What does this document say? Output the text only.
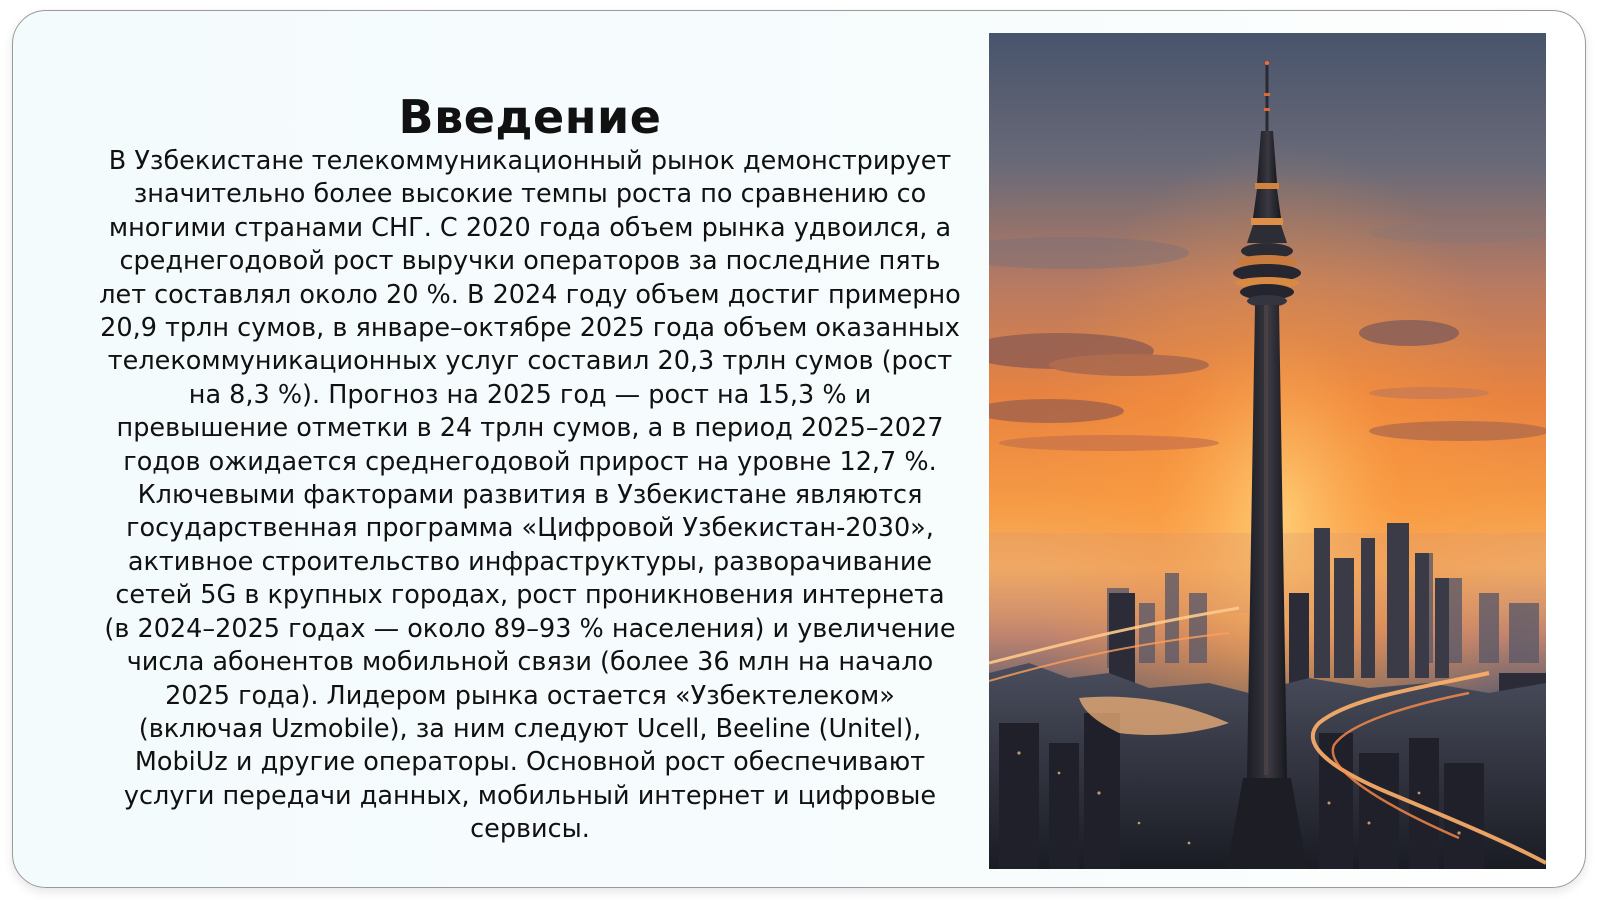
Введение

В Узбекистане телекоммуникационный рынок демонстрирует значительно более высокие темпы роста по сравнению со многими странами СНГ. С 2020 года объем рынка удвоился, а среднегодовой рост выручки операторов за последние пять лет составлял около 20 %. В 2024 году объем достиг примерно 20,9 трлн сумов, в январе–октябре 2025 года объем оказанных телекоммуникационных услуг составил 20,3 трлн сумов (рост на 8,3 %). Прогноз на 2025 год — рост на 15,3 % и превышение отметки в 24 трлн сумов, а в период 2025–2027 годов ожидается среднегодовой прирост на уровне 12,7 %.

Ключевыми факторами развития в Узбекистане являются государственная программа «Цифровой Узбекистан-2030», активное строительство инфраструктуры, разворачивание сетей 5G в крупных городах, рост проникновения интернета (в 2024–2025 годах — около 89–93 % населения) и увеличение числа абонентов мобильной связи (более 36 млн на начало 2025 года). Лидером рынка остается «Узбектелеком» (включая Uzmobile), за ним следуют Ucell, Beeline (Unitel), MobiUz и другие операторы. Основной рост обеспечивают услуги передачи данных, мобильный интернет и цифровые сервисы.
